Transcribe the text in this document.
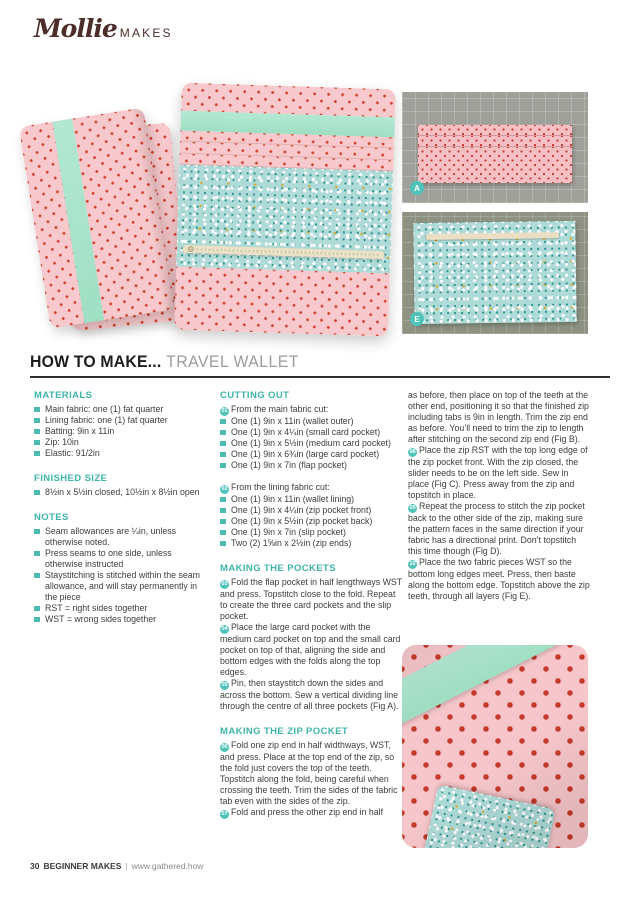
Mollie MAKES
A
E
HOW TO MAKE... TRAVEL WALLET
MATERIALS
Main fabric: one (1) fat quarter
Lining fabric: one (1) fat quarter
Batting: 9in x 11in
Zip: 10in
Elastic: 91/2in
FINISHED SIZE
8½in x 5½in closed, 10½in x 8½in open
NOTES
Seam allowances are ¼in, unless otherwise noted.
Press seams to one side, unless otherwise instructed
Staystitching is stitched within the seam allowance, and will stay permanently in the piece
RST = right sides together
WST = wrong sides together
CUTTING OUT

01 From the main fabric cut:

One (1) 9in x 11in (wallet outer)
One (1) 9in x 4¼in (small card pocket)
One (1) 9in x 5½in (medium card pocket)
One (1) 9in x 6¾in (large card pocket)
One (1) 9in x 7in (flap pocket)

02 From the lining fabric cut:

One (1) 9in x 11in (wallet lining)
One (1) 9in x 4¼in (zip pocket front)
One (1) 9in x 5½in (zip pocket back)
One (1) 9in x 7in (slip pocket)
Two (2) 1⅝in x 2½in (zip ends)
MAKING THE POCKETS

03 Fold the flap pocket in half lengthways WST and press. Topstitch close to the fold. Repeat to create the three card pockets and the slip pocket.

04 Place the large card pocket with the medium card pocket on top and the small card pocket on top of that, aligning the side and bottom edges with the folds along the top edges.

05 Pin, then staystitch down the sides and across the bottom. Sew a vertical dividing line through the centre of all three pockets (Fig A).

MAKING THE ZIP POCKET

06 Fold one zip end in half widthways, WST, and press. Place at the top end of the zip, so the fold just covers the top of the teeth. Topstitch along the fold, being careful when crossing the teeth. Trim the sides of the fabric tab even with the sides of the zip.

07 Fold and press the other zip end in half

as before, then place on top of the teeth at the other end, positioning it so that the finished zip including tabs is 9in in length. Trim the zip end as before. You’ll need to trim the zip to length after stitching on the second zip end (Fig B).

08 Place the zip RST with the top long edge of the zip pocket front. With the zip closed, the slider needs to be on the left side. Sew in place (Fig C). Press away from the zip and topstitch in place.

09 Repeat the process to stitch the zip pocket back to the other side of the zip, making sure the pattern faces in the same direction if your fabric has a directional print. Don’t topstitch this time though (Fig D).

10 Place the two fabric pieces WST so the bottom long edges meet. Press, then baste along the bottom edge. Topstitch above the zip teeth, through all layers (Fig E).

30 BEGINNER MAKES | www.gathered.how
